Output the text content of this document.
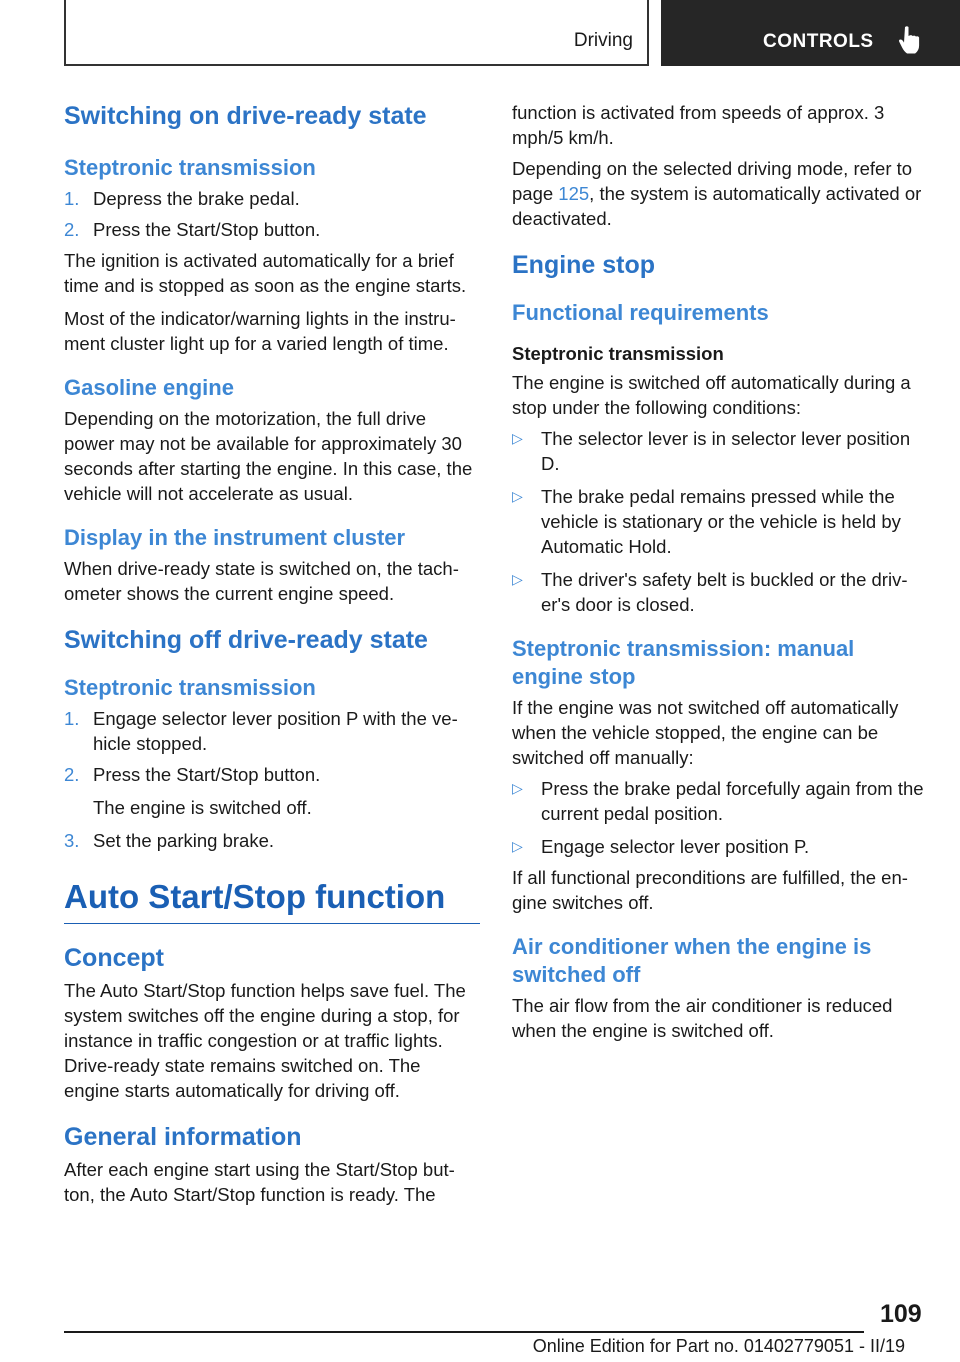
Driving	CONTROLS
Switching on drive-ready state
Steptronic transmission
1. Depress the brake pedal.
2. Press the Start/Stop button.

The ignition is activated automatically for a brief time and is stopped as soon as the engine starts.

Most of the indicator/warning lights in the instru‐ment cluster light up for a varied length of time.

Gasoline engine

Depending on the motorization, the full drive power may not be available for approximately 30 seconds after starting the engine. In this case, the vehicle will not accelerate as usual.

Display in the instrument cluster

When drive-ready state is switched on, the tach‐ometer shows the current engine speed.

Switching off drive-ready state
Steptronic transmission
1. Engage selector lever position P with the ve‐hicle stopped.
2. Press the Start/Stop button.

The engine is switched off.

3. Set the parking brake.
Auto Start/Stop function
Concept

The Auto Start/Stop function helps save fuel. The system switches off the engine during a stop, for instance in traffic congestion or at traffic lights. Drive-ready state remains switched on. The engine starts automatically for driving off.

General information

After each engine start using the Start/Stop but‐ton, the Auto Start/Stop function is ready. The

function is activated from speeds of approx. 3 mph/5 km/h.

Depending on the selected driving mode, refer to page 125, the system is automatically activated or deactivated.

Engine stop
Functional requirements
Steptronic transmission

The engine is switched off automatically during a stop under the following conditions:

▷ The selector lever is in selector lever position D.
▷ The brake pedal remains pressed while the vehicle is stationary or the vehicle is held by Automatic Hold.
▷ The driver's safety belt is buckled or the driv‐er's door is closed.
Steptronic transmission: manual engine stop

If the engine was not switched off automatically when the vehicle stopped, the engine can be switched off manually:

▷ Press the brake pedal forcefully again from the current pedal position.
▷ Engage selector lever position P.

If all functional preconditions are fulfilled, the en‐gine switches off.

Air conditioner when the engine is switched off

The air flow from the air conditioner is reduced when the engine is switched off.

109
Online Edition for Part no. 01402779051 - II/19
